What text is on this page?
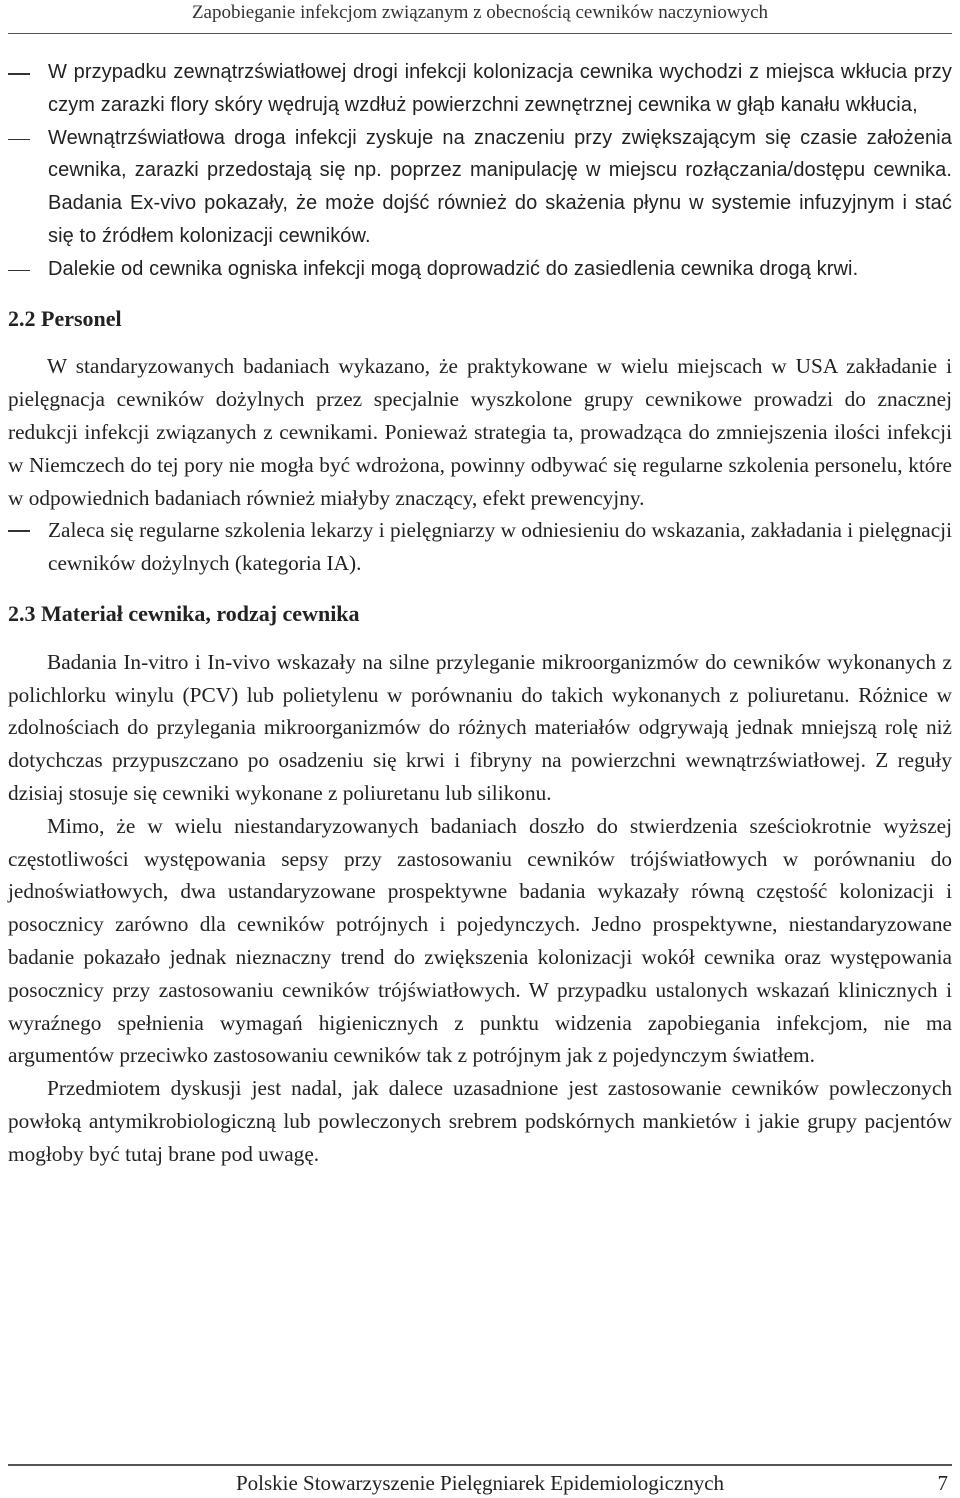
Zapobieganie infekcjom związanym z obecnością cewników naczyniowych
W przypadku zewnątrzświatłowej drogi infekcji kolonizacja cewnika wychodzi z miejsca wkłucia przy czym zarazki flory skóry wędrują wzdłuż powierzchni zewnętrznej cewnika w głąb kanału wkłucia,
Wewnątrzświatłowa droga infekcji zyskuje na znaczeniu przy zwiększającym się czasie założenia cewnika, zarazki przedostają się np. poprzez manipulację w miejscu rozłączania/dostępu cewnika. Badania Ex-vivo pokazały, że może dojść również do skażenia płynu w systemie infuzyjnym i stać się to źródłem kolonizacji cewników.
Dalekie od cewnika ogniska infekcji mogą doprowadzić do zasiedlenia cewnika drogą krwi.
2.2 Personel

W standaryzowanych badaniach wykazano, że praktykowane w wielu miejscach w USA zakładanie i pielęgnacja cewników dożylnych przez specjalnie wyszkolone grupy cewnikowe prowadzi do znacznej redukcji infekcji związanych z cewnikami. Ponieważ strategia ta, prowadząca do zmniejszenia ilości infekcji w Niemczech do tej pory nie mogła być wdrożona, powinny odbywać się regularne szkolenia personelu, które w odpowiednich badaniach również miałyby znaczący, efekt prewencyjny.

Zaleca się regularne szkolenia lekarzy i pielęgniarzy w odniesieniu do wskazania, zakładania i pielęgnacji cewników dożylnych (kategoria IA).
2.3 Materiał cewnika, rodzaj cewnika

Badania In-vitro i In-vivo wskazały na silne przyleganie mikroorganizmów do cewników wykonanych z polichlorku winylu (PCV) lub polietylenu w porównaniu do takich wykonanych z poliuretanu. Różnice w zdolnościach do przylegania mikroorganizmów do różnych materiałów odgrywają jednak mniejszą rolę niż dotychczas przypuszczano po osadzeniu się krwi i fibryny na powierzchni wewnątrzświatłowej. Z reguły dzisiaj stosuje się cewniki wykonane z poliuretanu lub silikonu.

Mimo, że w wielu niestandaryzowanych badaniach doszło do stwierdzenia sześciokrotnie wyższej częstotliwości występowania sepsy przy zastosowaniu cewników trójświatłowych w porównaniu do jednoświatłowych, dwa ustandaryzowane prospektywne badania wykazały równą częstość kolonizacji i posocznicy zarówno dla cewników potrójnych i pojedynczych. Jedno prospektywne, niestandaryzowane badanie pokazało jednak nieznaczny trend do zwiększenia kolonizacji wokół cewnika oraz występowania posocznicy przy zastosowaniu cewników trójświatłowych. W przypadku ustalonych wskazań klinicznych i wyraźnego spełnienia wymagań higienicznych z punktu widzenia zapobiegania infekcjom, nie ma argumentów przeciwko zastosowaniu cewników tak z potrójnym jak z pojedynczym światłem.

Przedmiotem dyskusji jest nadal, jak dalece uzasadnione jest zastosowanie cewników powleczonych powłoką antymikrobiologiczną lub powleczonych srebrem podskórnych mankietów i jakie grupy pacjentów mogłoby być tutaj brane pod uwagę.

Polskie Stowarzyszenie Pielęgniarek Epidemiologicznych	7
